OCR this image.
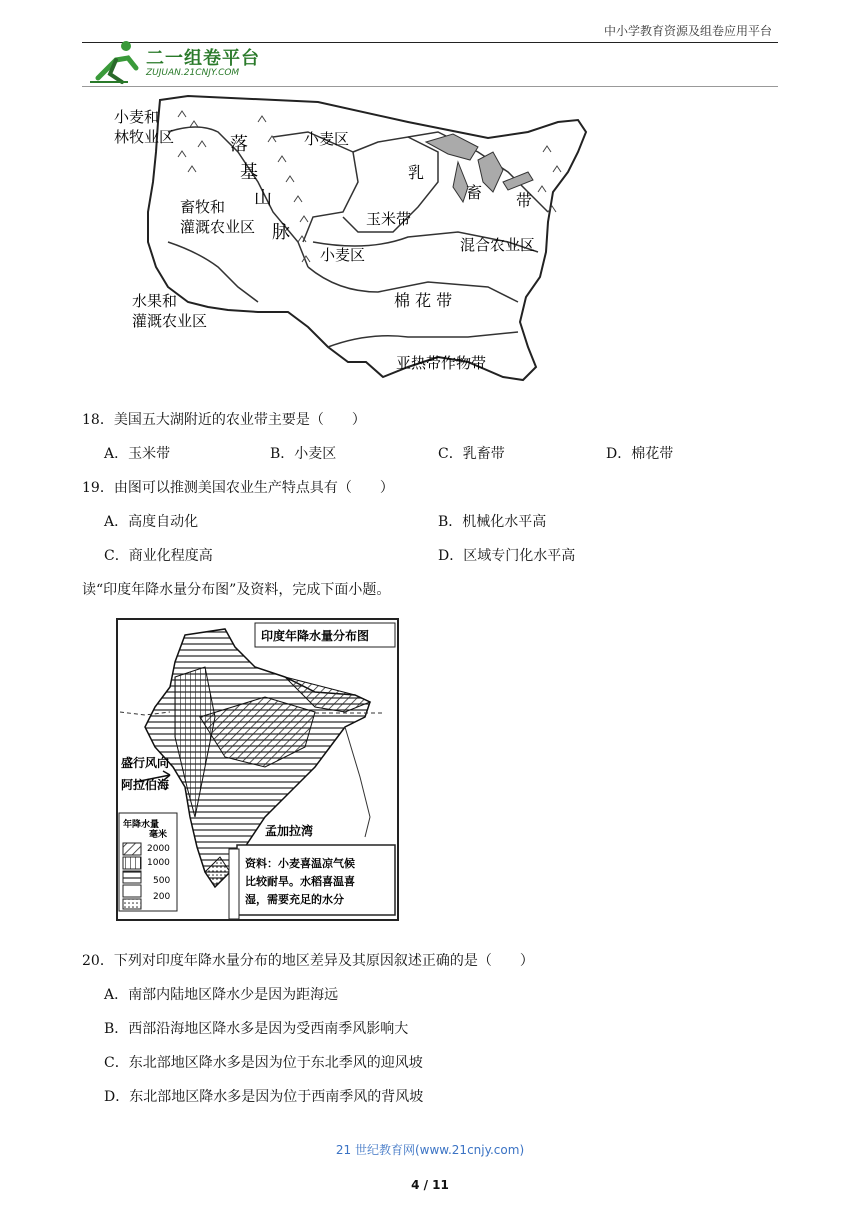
中小学教育资源及组卷应用平台
二一组卷平台
ZUJUAN.21CNJY.COM
小麦和
林牧业区	落
基
山
脉
小麦区
乳
畜 带
畜牧和
灌溉农业区	玉米带
混合农业区
小麦区
水果和
灌溉农业区
棉 花 带
亚热带作物带
18．美国五大湖附近的农业带主要是（　　）
A．玉米带	B．小麦区	C．乳畜带	D．棉花带
19．由图可以推测美国农业生产特点具有（　　）
A．高度自动化	B．机械化水平高
C．商业化程度高	D．区域专门化水平高
读“印度年降水量分布图”及资料，完成下面小题。
印度年降水量分布图
盛行风向
阿拉伯海
孟加拉湾
年降水量
毫米
2000
1000
500
200
资料：小麦喜温凉气候
比较耐旱。水稻喜温喜
湿，需要充足的水分
20．下列对印度年降水量分布的地区差异及其原因叙述正确的是（　　）
A．南部内陆地区降水少是因为距海远
B．西部沿海地区降水多是因为受西南季风影响大
C．东北部地区降水多是因为位于东北季风的迎风坡
D．东北部地区降水多是因为位于西南季风的背风坡
21 世纪教育网(www.21cnjy.com)
4 / 11
